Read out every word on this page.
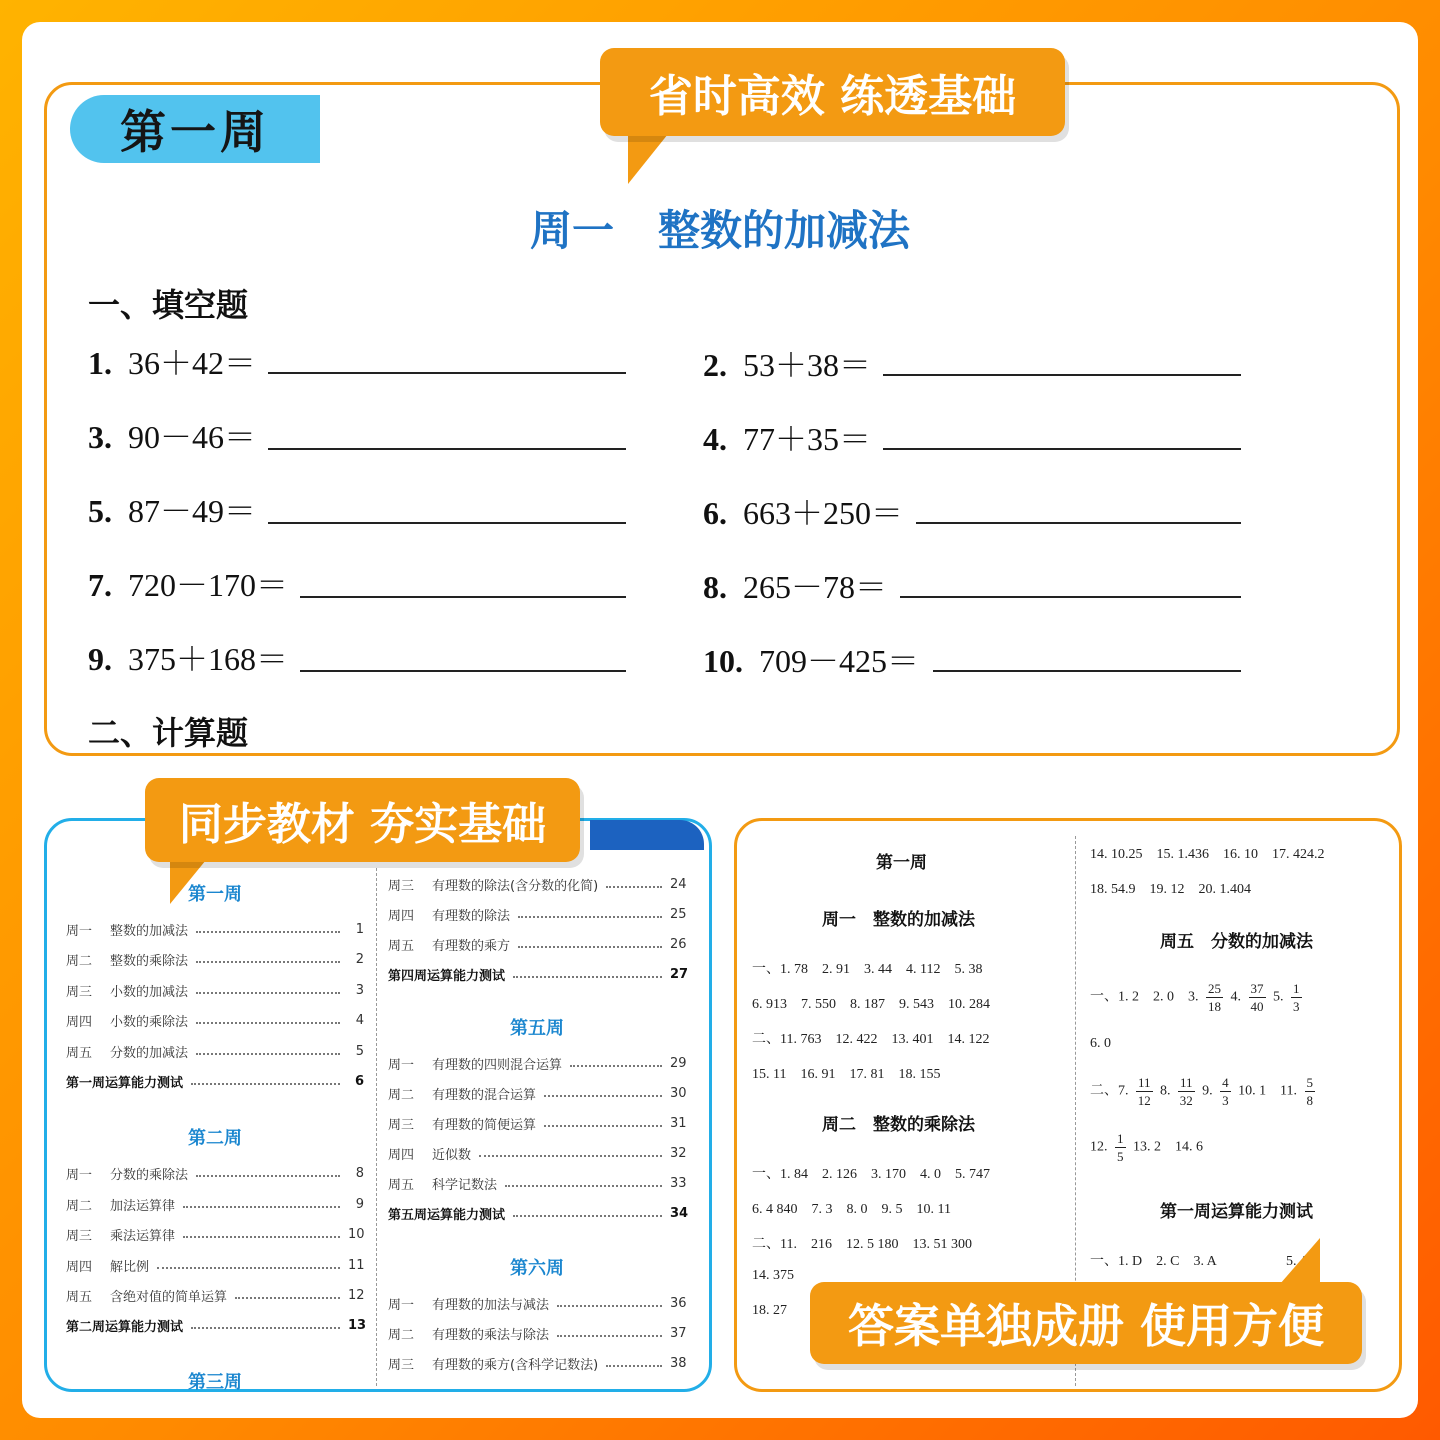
第一周
省时高效 练透基础
周一 整数的加减法
一、填空题
1. 36＋42＝	2. 53＋38＝
3. 90－46＝	4. 77＋35＝
5. 87－49＝	6. 663＋250＝
7. 720－170＝	8. 265－78＝
9. 375＋168＝	10. 709－425＝
二、计算题
第一周
周一	整数的加减法	1
周二	整数的乘除法	2
周三	小数的加减法	3
周四	小数的乘除法	4
周五	分数的加减法	5
第一周运算能力测试	6
第二周
周一	分数的乘除法	8
周二	加法运算律	9
周三	乘法运算律	10
周四	解比例	11
周五	含绝对值的简单运算	12
第二周运算能力测试	13
第三周
周三	有理数的除法(含分数的化简)	24
周四	有理数的除法	25
周五	有理数的乘方	26
第四周运算能力测试	27
第五周
周一	有理数的四则混合运算	29
周二	有理数的混合运算	30
周三	有理数的简便运算	31
周四	近似数	32
周五	科学记数法	33
第五周运算能力测试	34
第六周
周一	有理数的加法与减法	36
周二	有理数的乘法与除法	37
周三	有理数的乘方(含科学记数法)	38
同步教材 夯实基础
第一周
周一　整数的加减法
一、1. 78　2. 91　3. 44　4. 112　5. 38
6. 913　7. 550　8. 187　9. 543　10. 284
二、11. 763　12. 422　13. 401　14. 122
15. 11　16. 91　17. 81　18. 155
周二　整数的乘除法
一、1. 84　2. 126　3. 170　4. 0　5. 747
6. 4 840　7. 3　8. 0　9. 5　10. 11
二、11.　216　12. 5 180　13. 51 300
14. 375
18. 27
14. 10.25　15. 1.436　16. 10　17. 424.2
18. 54.9　19. 12　20. 1.404
周五　分数的加减法
一、1. 2　2. 0　3. $\frac{25}{18} 4$. $\frac{37}{40} 5$. $\frac{1}{3}$
6. 0
二、7. $\frac{11}{12} 8$. $\frac{11}{32} 9$. $\frac{4}{3} 10$. 1　11. $\frac{5}{8}$
12. $\frac{1}{5} 13$. 2　14. 6
第一周运算能力测试
一、1. D　2. C　3. A　　　　　5. A
答案单独成册 使用方便
